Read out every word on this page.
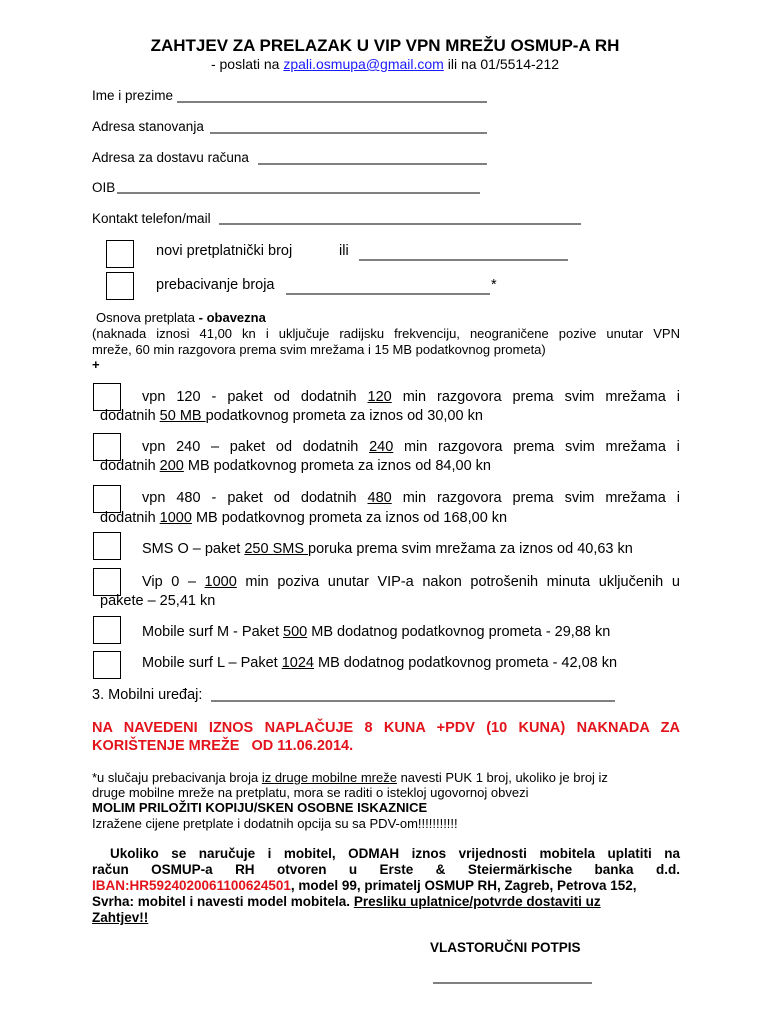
ZAHTJEV ZA PRELAZAK U VIP VPN MREŽU OSMUP-A RH
- poslati na zpali.osmupa@gmail.com ili na 01/5514-212
Ime i prezime
Adresa stanovanja
Adresa za dostavu računa
OIB
Kontakt telefon/mail
novi pretplatnički broj	ili
prebacivanje broja	*
Osnova pretplata - obavezna
(naknada iznosi 41,00 kn i uključuje radijsku frekvenciju, neograničene pozive unutar VPN
mreže, 60 min razgovora prema svim mrežama i 15 MB podatkovnog prometa)
+
vpn 120 - paket od dodatnih 120 min razgovora prema svim mrežama i
dodatnih 50 MB podatkovnog prometa za iznos od 30,00 kn
vpn 240 – paket od dodatnih 240 min razgovora prema svim mrežama i
dodatnih 200 MB podatkovnog prometa za iznos od 84,00 kn
vpn 480 - paket od dodatnih 480 min razgovora prema svim mrežama i
dodatnih 1000 MB podatkovnog prometa za iznos od 168,00 kn
SMS O – paket 250 SMS poruka prema svim mrežama za iznos od 40,63 kn
Vip 0 – 1000 min poziva unutar VIP-a nakon potrošenih minuta uključenih u
pakete – 25,41 kn
Mobile surf M - Paket 500 MB dodatnog podatkovnog prometa - 29,88 kn
Mobile surf L – Paket 1024 MB dodatnog podatkovnog prometa - 42,08 kn
3. Mobilni uređaj:
NA NAVEDENI IZNOS NAPLAČUJE 8 KUNA +PDV (10 KUNA) NAKNADA ZA
KORIŠTENJE MREŽE   OD 11.06.2014.
*u slučaju prebacivanja broja iz druge mobilne mreže navesti PUK 1 broj, ukoliko je broj iz
druge mobilne mreže na pretplatu, mora se raditi o isteklој ugovornoj obvezi
MOLIM PRILOŽITI KOPIJU/SKEN OSOBNE ISKAZNICE
Izražene cijene pretplate i dodatnih opcija su sa PDV-om!!!!!!!!!!!
Ukoliko se naručuje i mobitel, ODMAH iznos vrijednosti mobitela uplatiti na
račun OSMUP-a RH otvoren u Erste & Steiermärkische banka d.d.
IBAN:HR5924020061100624501, model 99, primatelj OSMUP RH, Zagreb, Petrova 152,
Svrha: mobitel i navesti model mobitela. Presliku uplatnice/potvrde dostaviti uz
Zahtjev!!
VLASTORUČNI POTPIS
